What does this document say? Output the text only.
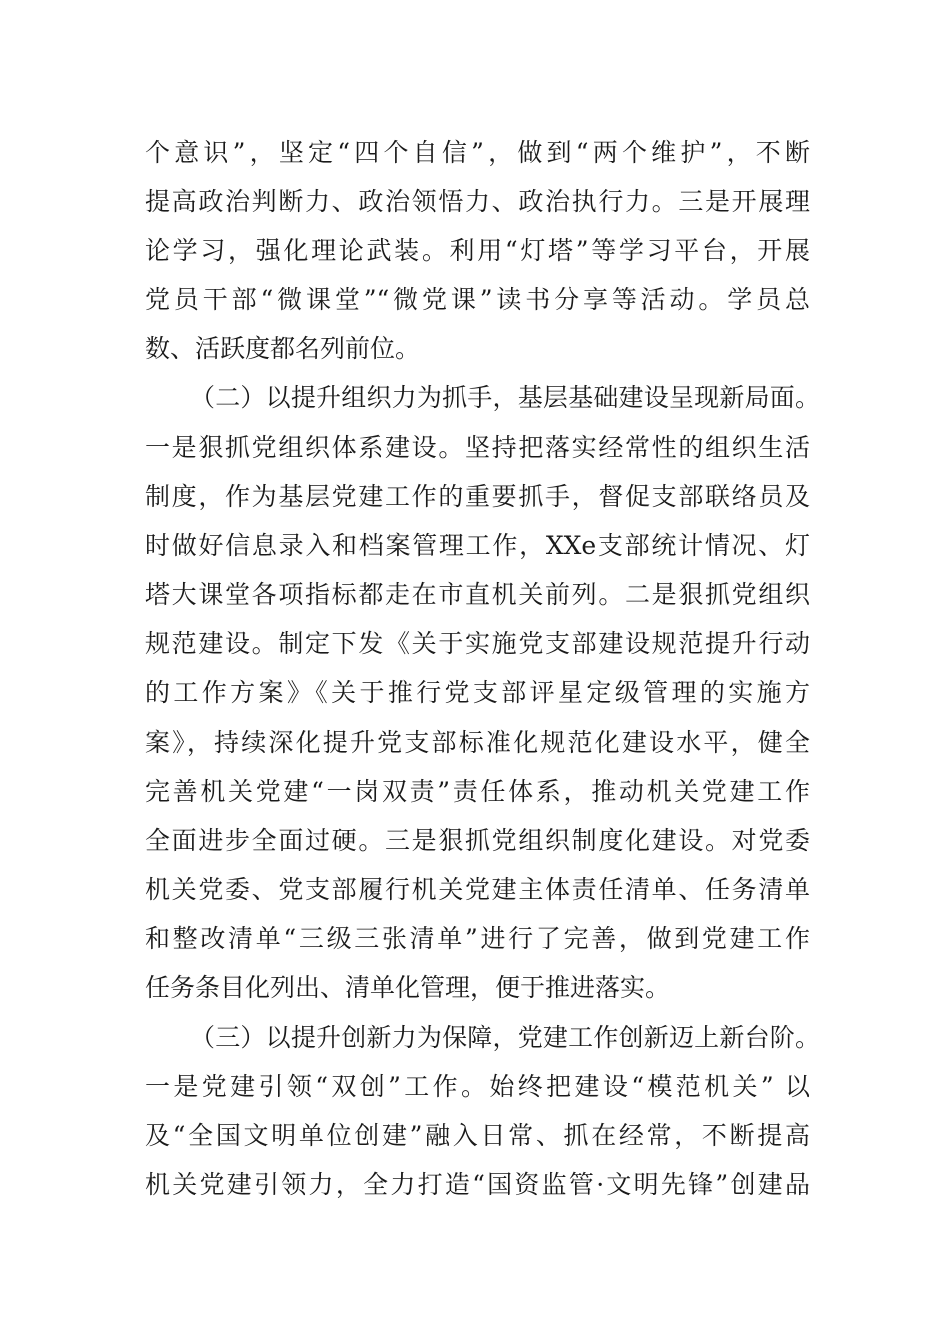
个意识”，坚定“四个自信”，做到“两个维护”，不断
提高政治判断力、政治领悟力、政治执行力。三是开展理
论学习，强化理论武装。利用“灯塔”等学习平台，开展
党员干部“微课堂”“微党课”读书分享等活动。学员总
数、活跃度都名列前位。
（二）以提升组织力为抓手，基层基础建设呈现新局面。
一是狠抓党组织体系建设。坚持把落实经常性的组织生活
制度，作为基层党建工作的重要抓手，督促支部联络员及
时做好信息录入和档案管理工作，XXe支部统计情况、灯
塔大课堂各项指标都走在市直机关前列。二是狠抓党组织
规范建设。制定下发《关于实施党支部建设规范提升行动
的工作方案》《关于推行党支部评星定级管理的实施方
案》，持续深化提升党支部标准化规范化建设水平，健全
完善机关党建“一岗双责”责任体系，推动机关党建工作
全面进步全面过硬。三是狠抓党组织制度化建设。对党委
机关党委、党支部履行机关党建主体责任清单、任务清单
和整改清单“三级三张清单”进行了完善，做到党建工作
任务条目化列出、清单化管理，便于推进落实。
（三）以提升创新力为保障，党建工作创新迈上新台阶。
一是党建引领“双创”工作。始终把建设“模范机关” 以
及“全国文明单位创建”融入日常、抓在经常，不断提高
机关党建引领力，全力打造“国资监管·文明先锋”创建品
